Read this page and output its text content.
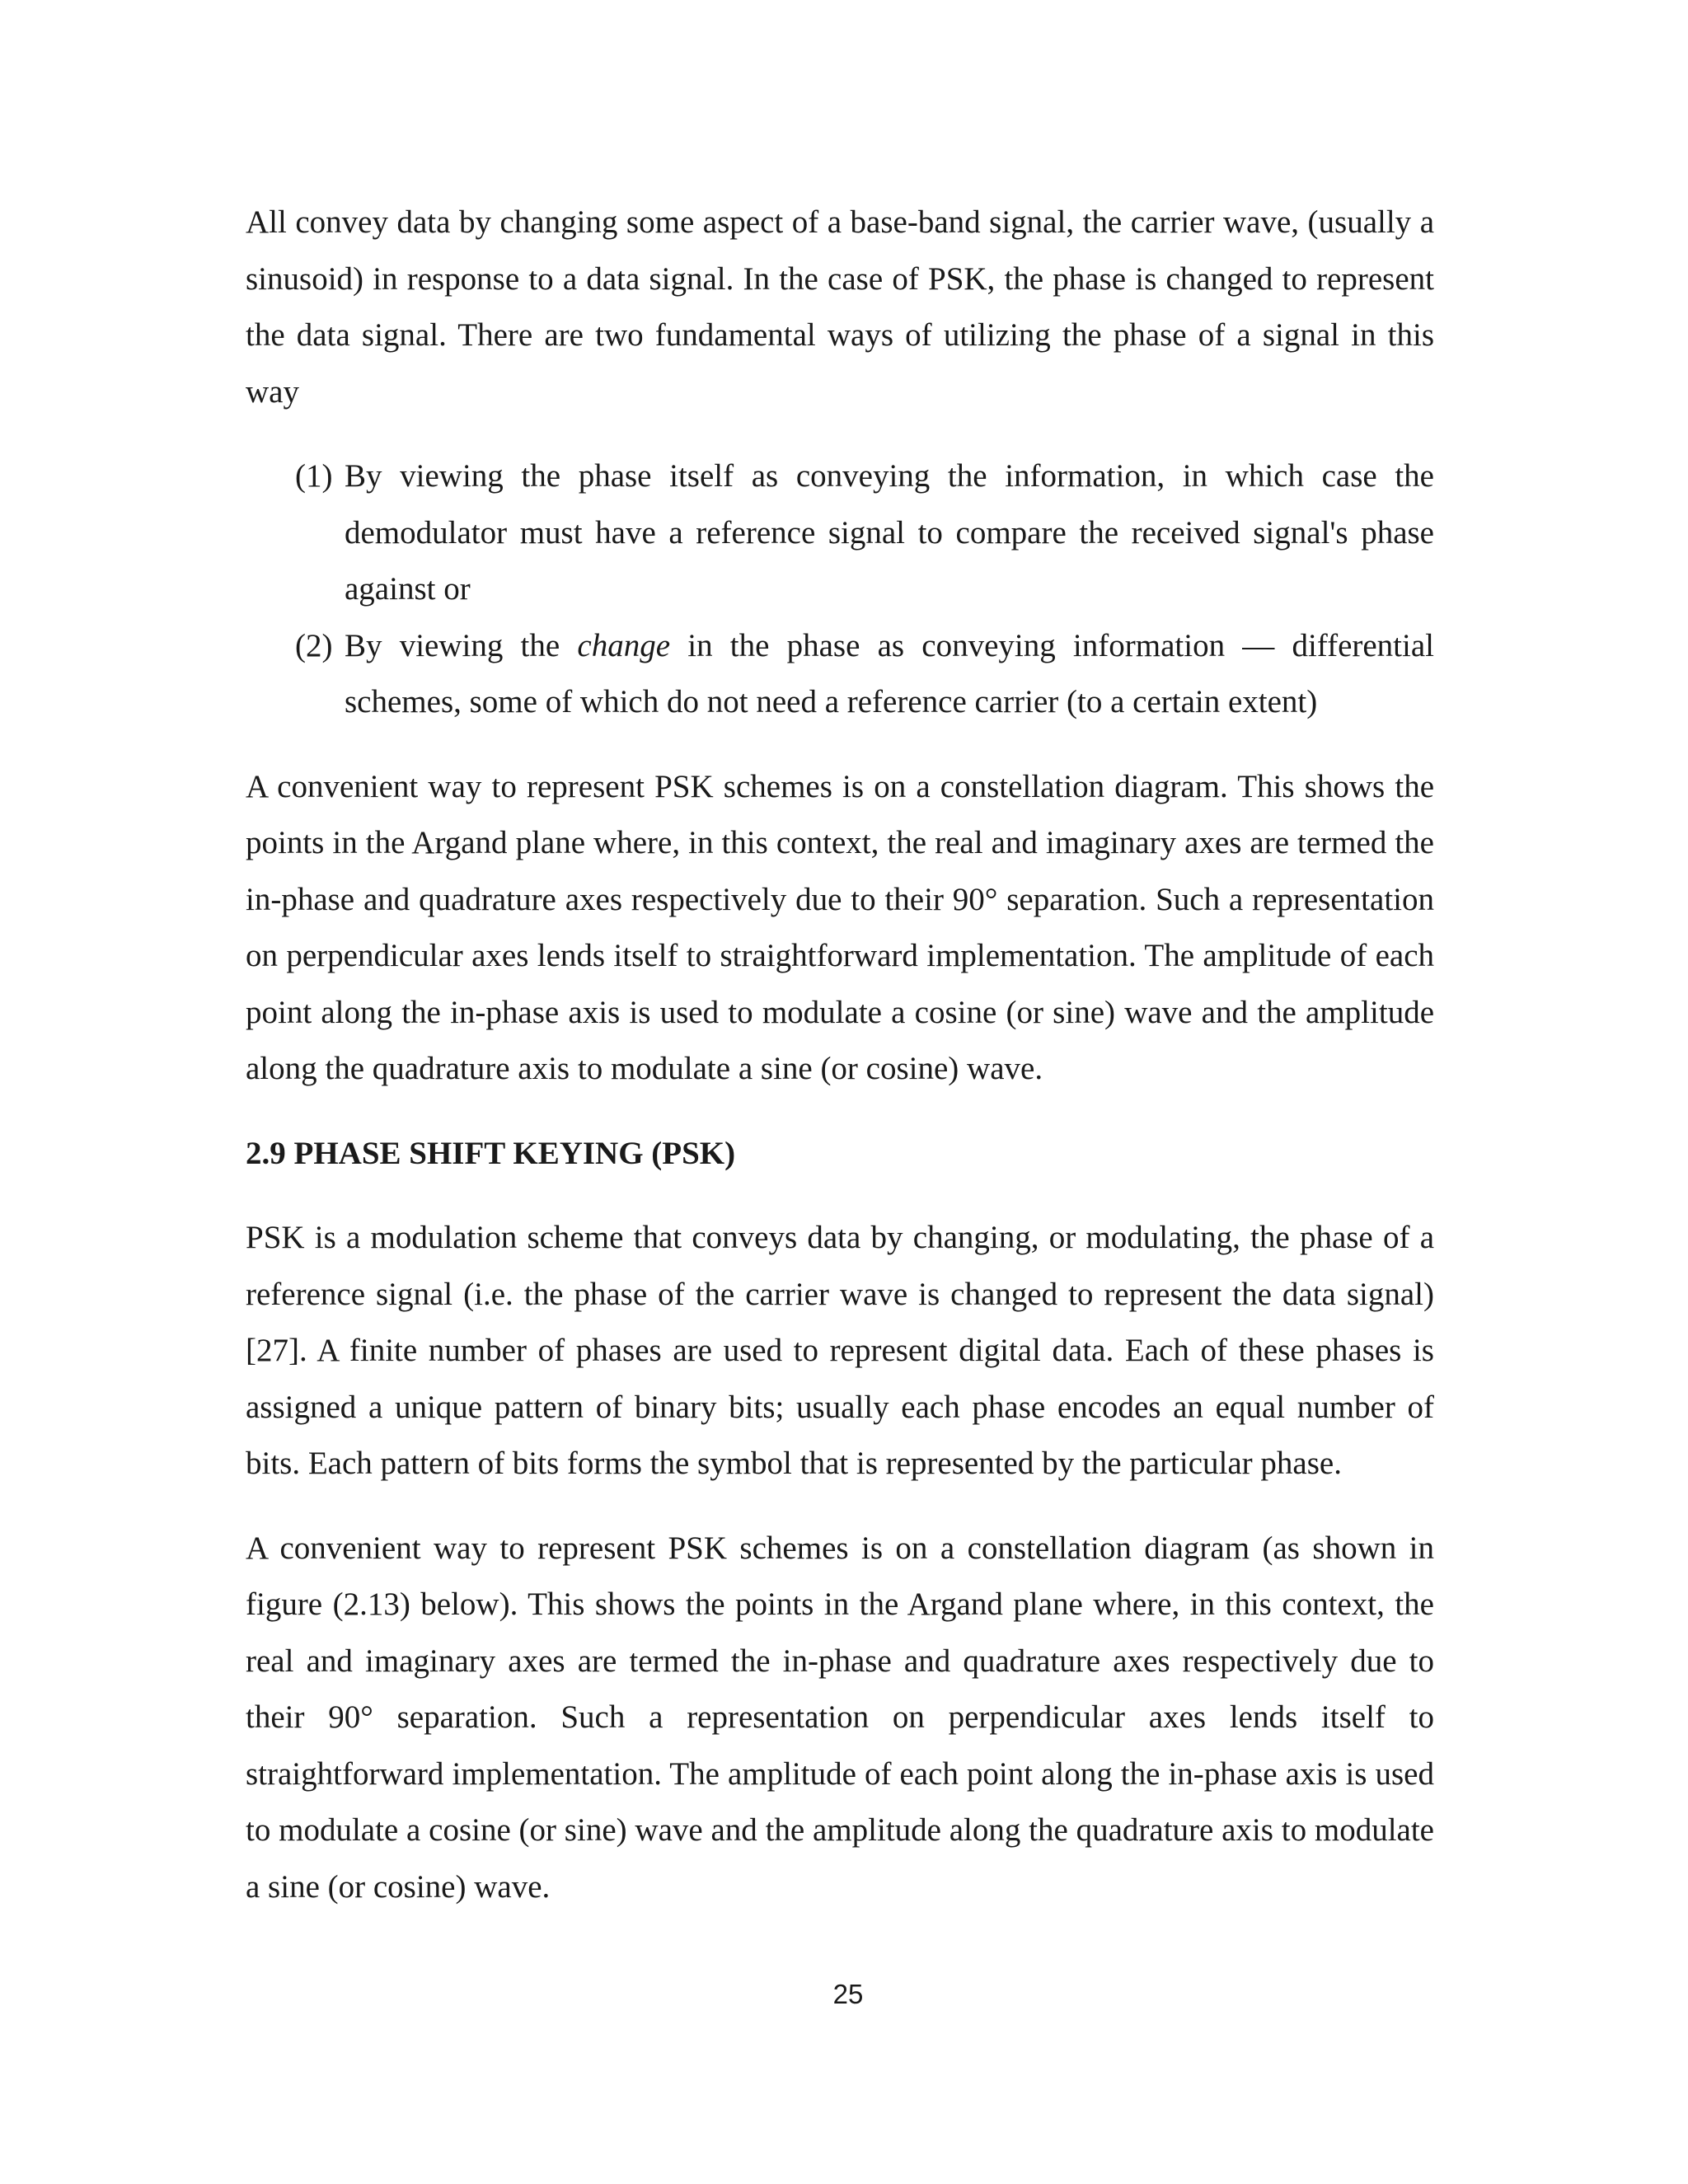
All convey data by changing some aspect of a base-band signal, the carrier wave, (usually a sinusoid) in response to a data signal. In the case of PSK, the phase is changed to represent the data signal. There are two fundamental ways of utilizing the phase of a signal in this way

(1) By viewing the phase itself as conveying the information, in which case the demodulator must have a reference signal to compare the received signal's phase against or
(2) By viewing the change in the phase as conveying information — differential schemes, some of which do not need a reference carrier (to a certain extent)

A convenient way to represent PSK schemes is on a constellation diagram. This shows the points in the Argand plane where, in this context, the real and imaginary axes are termed the in-phase and quadrature axes respectively due to their 90° separation. Such a representation on perpendicular axes lends itself to straightforward implementation. The amplitude of each point along the in-phase axis is used to modulate a cosine (or sine) wave and the amplitude along the quadrature axis to modulate a sine (or cosine) wave.

2.9 PHASE SHIFT KEYING (PSK)

PSK is a modulation scheme that conveys data by changing, or modulating, the phase of a reference signal (i.e. the phase of the carrier wave is changed to represent the data signal) [27]. A finite number of phases are used to represent digital data. Each of these phases is assigned a unique pattern of binary bits; usually each phase encodes an equal number of bits. Each pattern of bits forms the symbol that is represented by the particular phase.

A convenient way to represent PSK schemes is on a constellation diagram (as shown in figure (2.13) below). This shows the points in the Argand plane where, in this context, the real and imaginary axes are termed the in-phase and quadrature axes respectively due to their 90° separation. Such a representation on perpendicular axes lends itself to straightforward implementation. The amplitude of each point along the in-phase axis is used to modulate a cosine (or sine) wave and the amplitude along the quadrature axis to modulate a sine (or cosine) wave.

25
